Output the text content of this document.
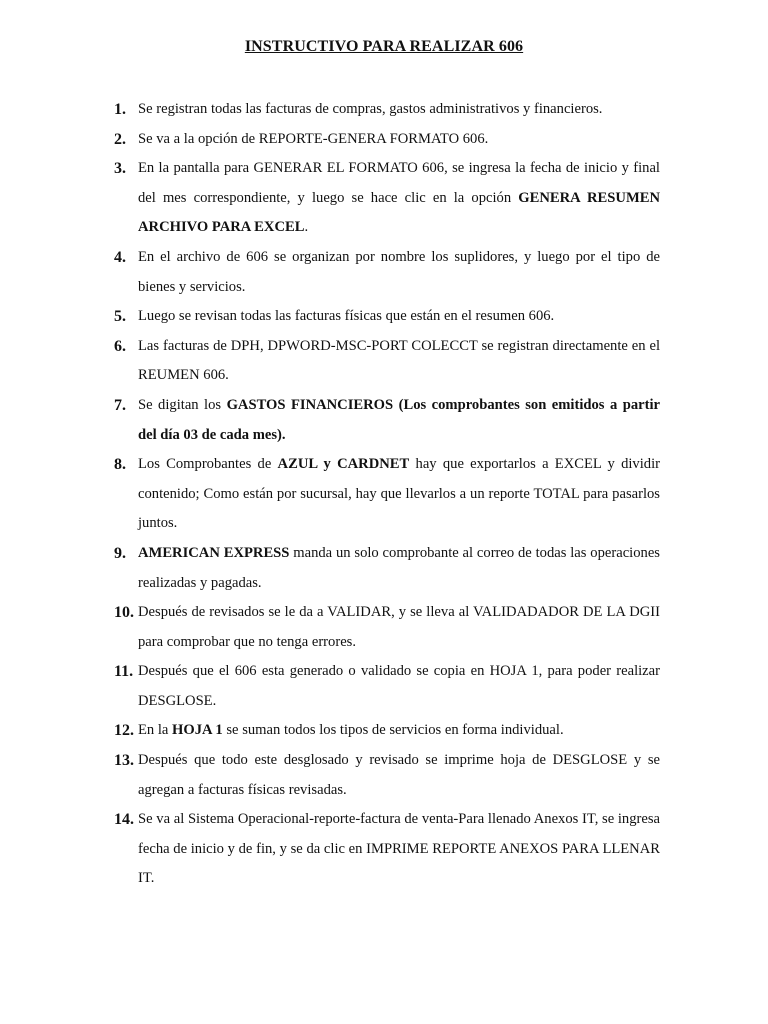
INSTRUCTIVO PARA REALIZAR 606
1. Se registran todas las facturas de compras, gastos administrativos y financieros.
2. Se va a la opción de REPORTE-GENERA FORMATO 606.
3. En la pantalla para GENERAR EL FORMATO 606, se ingresa la fecha de inicio y final del mes correspondiente, y luego se hace clic en la opción GENERA RESUMEN ARCHIVO PARA EXCEL.
4. En el archivo de 606 se organizan por nombre los suplidores, y luego por el tipo de bienes y servicios.
5. Luego se revisan todas las facturas físicas que están en el resumen 606.
6. Las facturas de DPH, DPWORD-MSC-PORT COLECCT se registran directamente en el REUMEN 606.
7. Se digitan los GASTOS FINANCIEROS (Los comprobantes son emitidos a partir del día 03 de cada mes).
8. Los Comprobantes de AZUL y CARDNET hay que exportarlos a EXCEL y dividir contenido; Como están por sucursal, hay que llevarlos a un reporte TOTAL para pasarlos juntos.
9. AMERICAN EXPRESS manda un solo comprobante al correo de todas las operaciones realizadas y pagadas.
10. Después de revisados se le da a VALIDAR, y se lleva al VALIDADADOR DE LA DGII para comprobar que no tenga errores.
11. Después que el 606 esta generado o validado se copia en HOJA 1, para poder realizar DESGLOSE.
12. En la HOJA 1 se suman todos los tipos de servicios en forma individual.
13. Después que todo este desglosado y revisado se imprime hoja de DESGLOSE y se agregan a facturas físicas revisadas.
14. Se va al Sistema Operacional-reporte-factura de venta-Para llenado Anexos IT, se ingresa fecha de inicio y de fin, y se da clic en IMPRIME REPORTE ANEXOS PARA LLENAR IT.
